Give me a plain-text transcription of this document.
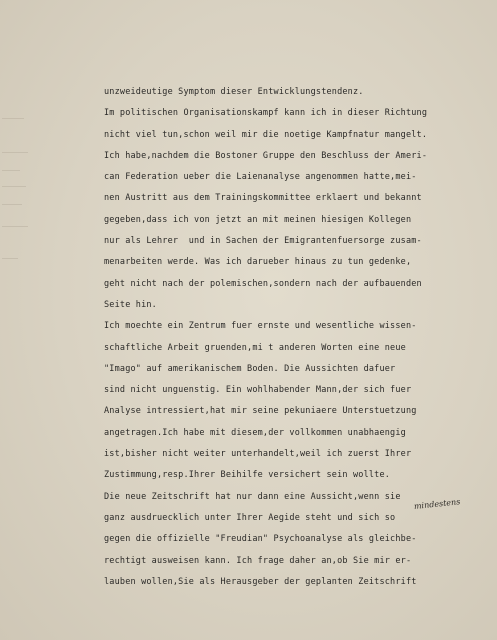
unzweideutige Symptom dieser Entwicklungstendenz.
Im politischen Organisationskampf kann ich in dieser Richtung
nicht viel tun,schon weil mir die noetige Kampfnatur mangelt.
Ich habe,nachdem die Bostoner Gruppe den Beschluss der Ameri-
can Federation ueber die Laienanalyse angenommen hatte,mei-
nen Austritt aus dem Trainingskommittee erklaert und bekannt
gegeben,dass ich von jetzt an mit meinen hiesigen Kollegen
nur als Lehrer  und in Sachen der Emigrantenfuersorge zusam-
menarbeiten werde. Was ich darueber hinaus zu tun gedenke,
geht nicht nach der polemischen,sondern nach der aufbauenden
Seite hin.
Ich moechte ein Zentrum fuer ernste und wesentliche wissen-
schaftliche Arbeit gruenden,mi t anderen Worten eine neue
"Imago" auf amerikanischem Boden. Die Aussichten dafuer
sind nicht unguenstig. Ein wohlhabender Mann,der sich fuer
Analyse intressiert,hat mir seine pekuniaere Unterstuetzung
angetragen.Ich habe mit diesem,der vollkommen unabhaengig
ist,bisher nicht weiter unterhandelt,weil ich zuerst Ihrer
Zustimmung,resp.Ihrer Beihilfe versichert sein wollte.
Die neue Zeitschrift hat nur dann eine Aussicht,wenn sie
ganz ausdruecklich unter Ihrer Aegide steht und sich so
gegen die offizielle "Freudian" Psychoanalyse als gleichbe-
rechtigt ausweisen kann. Ich frage daher an,ob Sie mir er-
lauben wollen,Sie als Herausgeber der geplanten Zeitschrift
mindestens
